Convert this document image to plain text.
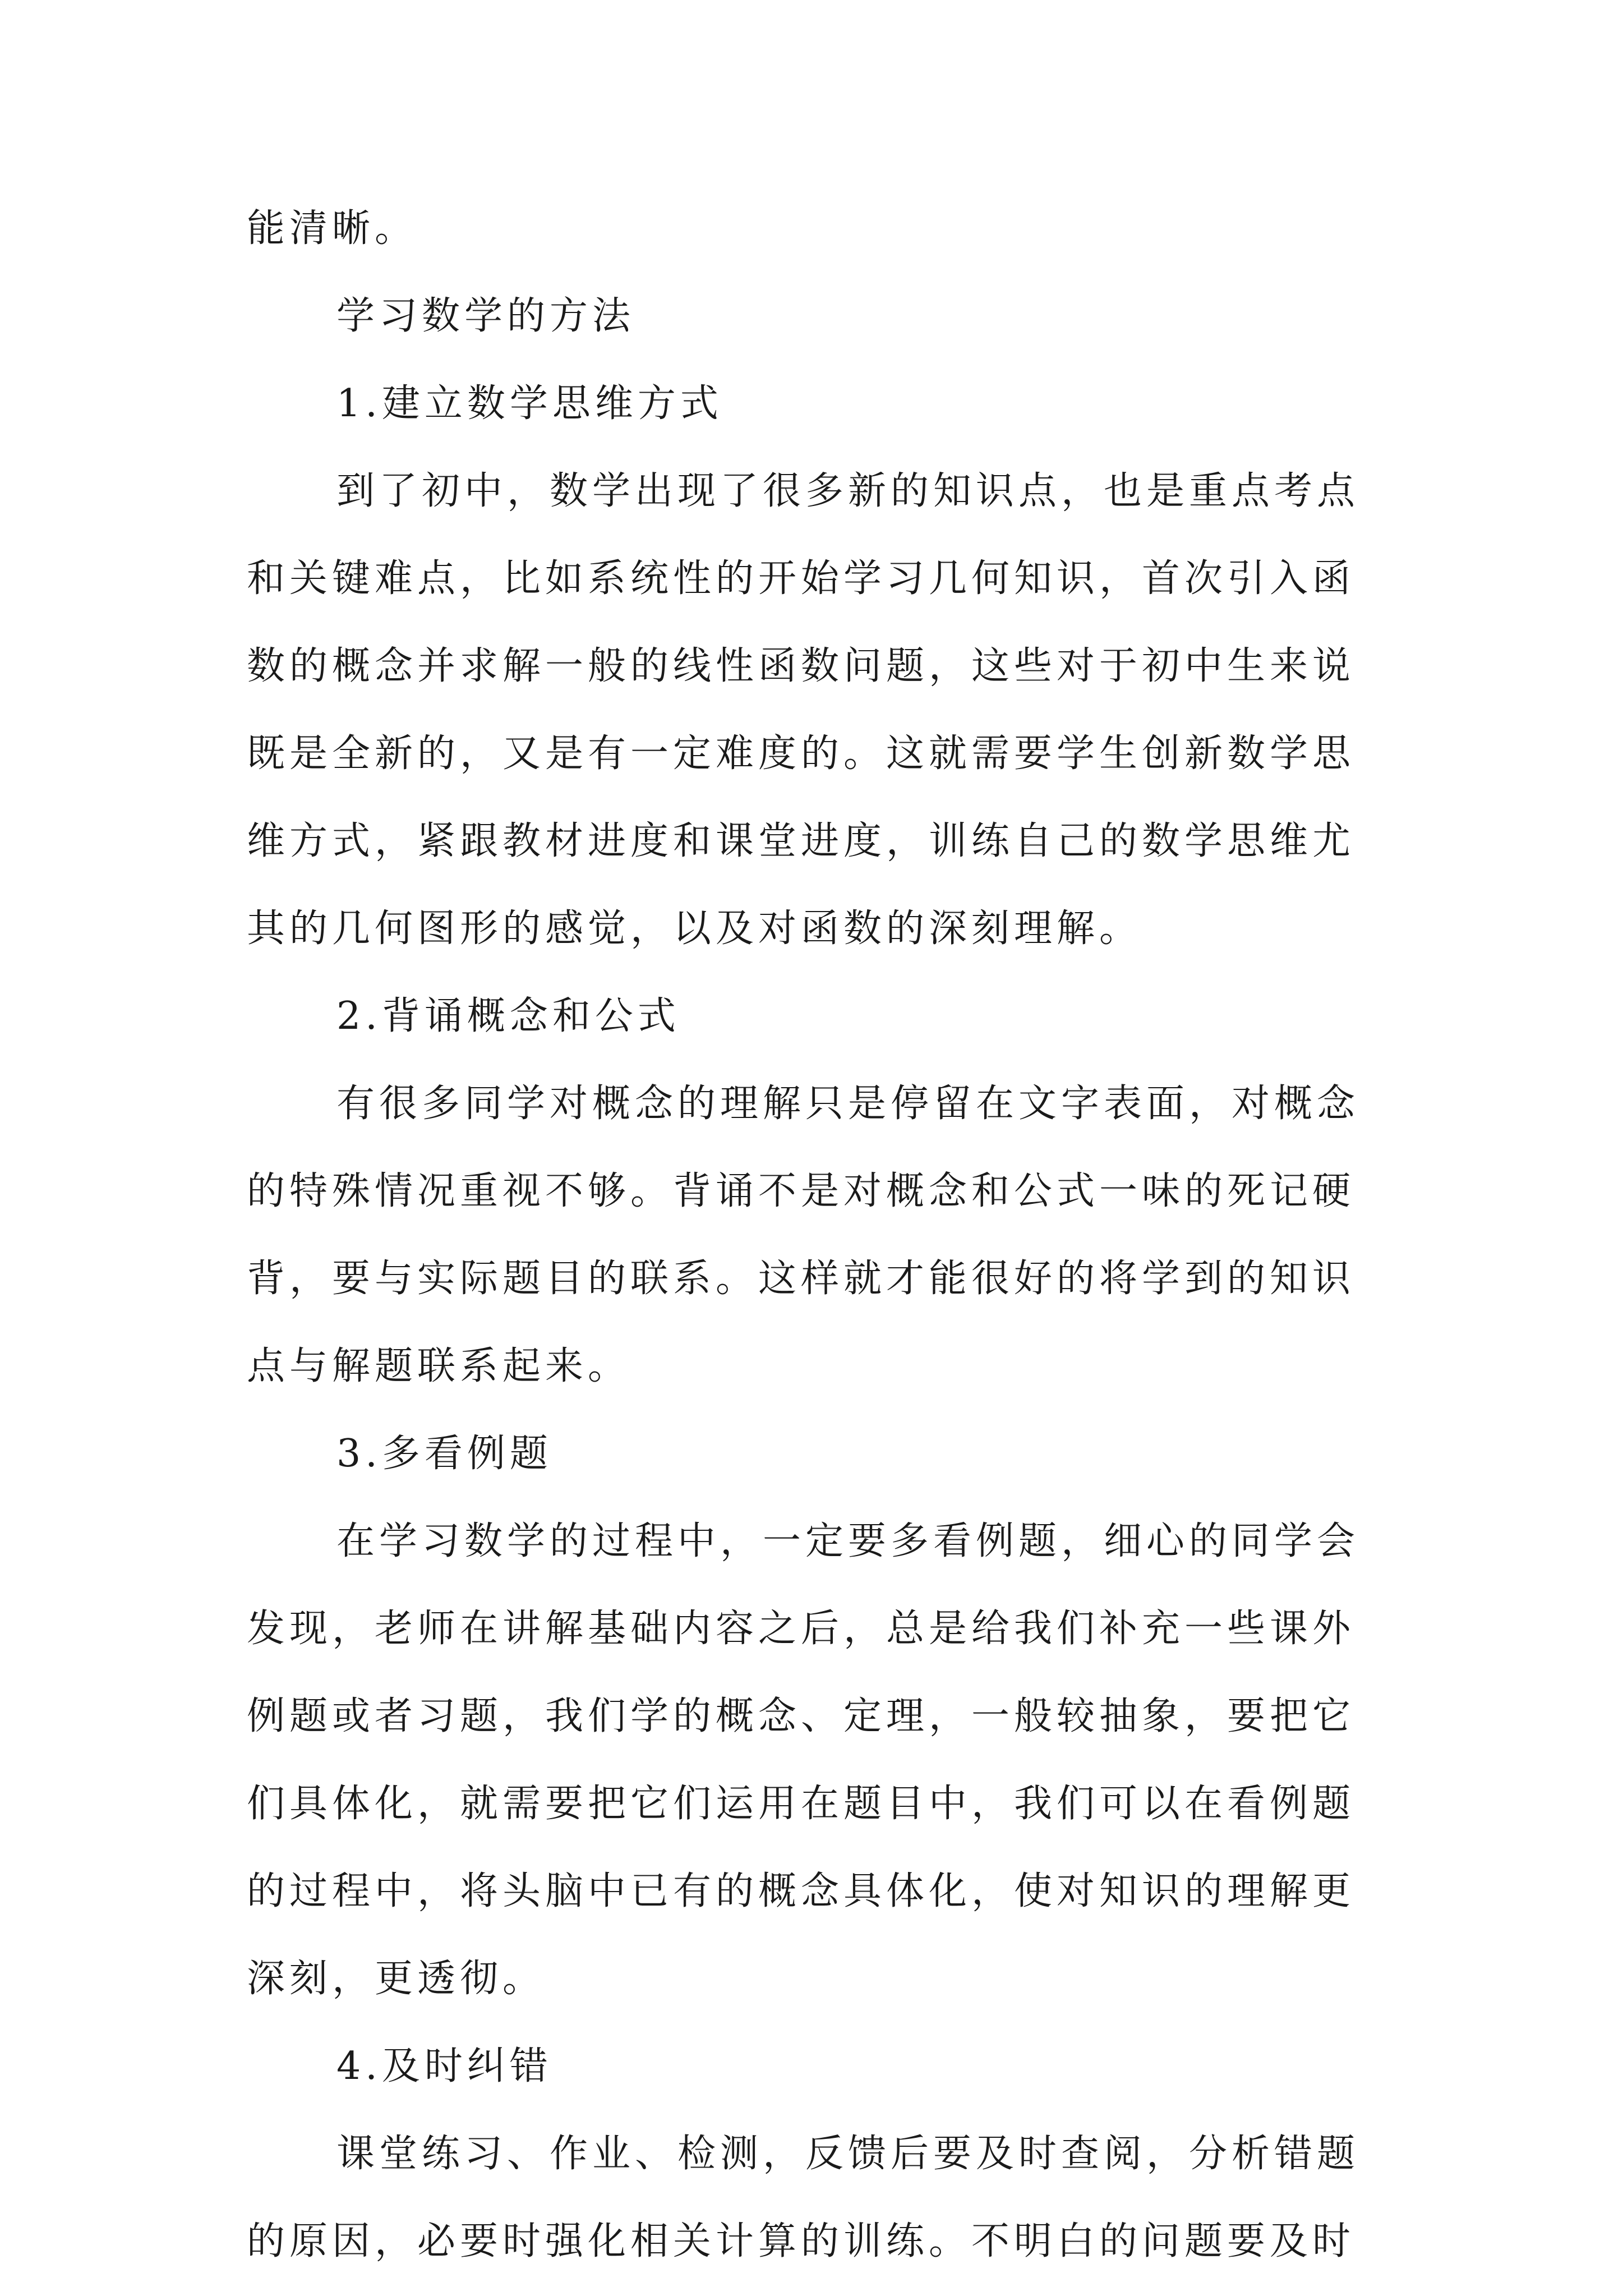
能清晰。
学习数学的方法
1.建立数学思维方式
到了初中，数学出现了很多新的知识点，也是重点考点
和关键难点，比如系统性的开始学习几何知识，首次引入函
数的概念并求解一般的线性函数问题，这些对于初中生来说
既是全新的，又是有一定难度的。这就需要学生创新数学思
维方式，紧跟教材进度和课堂进度，训练自己的数学思维尤
其的几何图形的感觉，以及对函数的深刻理解。
2.背诵概念和公式
有很多同学对概念的理解只是停留在文字表面，对概念
的特殊情况重视不够。背诵不是对概念和公式一味的死记硬
背，要与实际题目的联系。这样就才能很好的将学到的知识
点与解题联系起来。
3.多看例题
在学习数学的过程中，一定要多看例题，细心的同学会
发现，老师在讲解基础内容之后，总是给我们补充一些课外
例题或者习题，我们学的概念、定理，一般较抽象，要把它
们具体化，就需要把它们运用在题目中，我们可以在看例题
的过程中，将头脑中已有的概念具体化，使对知识的理解更
深刻，更透彻。
4.及时纠错
课堂练习、作业、检测，反馈后要及时查阅，分析错题
的原因，必要时强化相关计算的训练。不明白的问题要及时
